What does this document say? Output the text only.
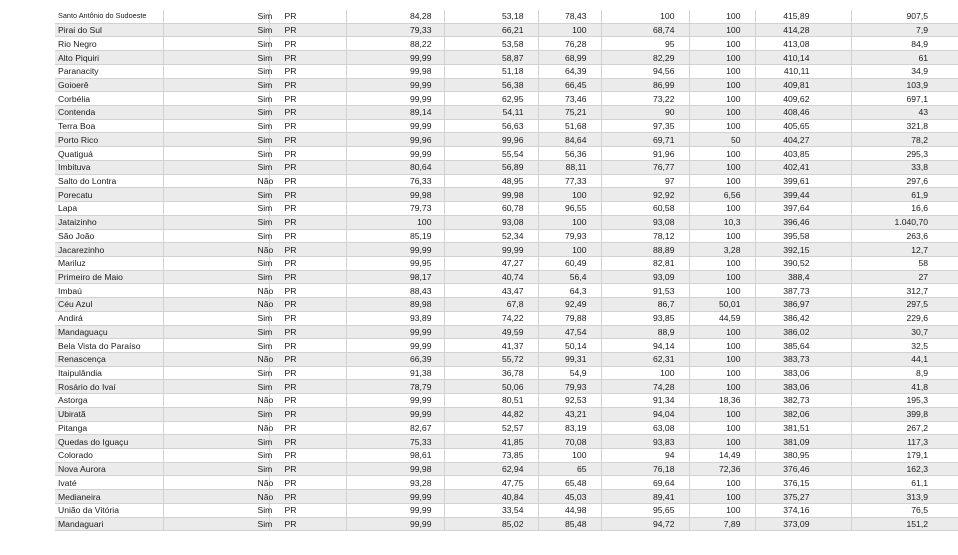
Santo Antônio do Sudoeste	Sim	PR	84,28	53,18	78,43	100	100	415,89	907,5
Pirai do Sul	Sim	PR	79,33	66,21	100	68,74	100	414,28	7,9
Rio Negro	Sim	PR	88,22	53,58	76,28	95	100	413,08	84,9
Alto Piquiri	Sim	PR	99,99	58,87	68,99	82,29	100	410,14	61
Paranacity	Sim	PR	99,98	51,18	64,39	94,56	100	410,11	34,9
Goioerê	Sim	PR	99,99	56,38	66,45	86,99	100	409,81	103,9
Corbélia	Sim	PR	99,99	62,95	73,46	73,22	100	409,62	697,1
Contenda	Sim	PR	89,14	54,11	75,21	90	100	408,46	43
Terra Boa	Sim	PR	99,99	56,63	51,68	97,35	100	405,65	321,8
Porto Rico	Sim	PR	99,96	99,96	84,64	69,71	50	404,27	78,2
Quatiguá	Sim	PR	99,99	55,54	56,36	91,96	100	403,85	295,3
Imbituva	Sim	PR	80,64	56,89	88,11	76,77	100	402,41	33,8
Salto do Lontra	Não	PR	76,33	48,95	77,33	97	100	399,61	297,6
Porecatu	Sim	PR	99,98	99,98	100	92,92	6,56	399,44	61,9
Lapa	Sim	PR	79,73	60,78	96,55	60,58	100	397,64	16,6
Jataizinho	Sim	PR	100	93,08	100	93,08	10,3	396,46	1.040,70
São João	Sim	PR	85,19	52,34	79,93	78,12	100	395,58	263,6
Jacarezinho	Não	PR	99,99	99,99	100	88,89	3,28	392,15	12,7
Mariluz	Sim	PR	99,95	47,27	60,49	82,81	100	390,52	58
Primeiro de Maio	Sim	PR	98,17	40,74	56,4	93,09	100	388,4	27
Imbaú	Não	PR	88,43	43,47	64,3	91,53	100	387,73	312,7
Céu Azul	Não	PR	89,98	67,8	92,49	86,7	50,01	386,97	297,5
Andirá	Sim	PR	93,89	74,22	79,88	93,85	44,59	386,42	229,6
Mandaguaçu	Sim	PR	99,99	49,59	47,54	88,9	100	386,02	30,7
Bela Vista do Paraíso	Sim	PR	99,99	41,37	50,14	94,14	100	385,64	32,5
Renascença	Não	PR	66,39	55,72	99,31	62,31	100	383,73	44,1
Itaipulândia	Sim	PR	91,38	36,78	54,9	100	100	383,06	8,9
Rosário do Ivaí	Sim	PR	78,79	50,06	79,93	74,28	100	383,06	41,8
Astorga	Não	PR	99,99	80,51	92,53	91,34	18,36	382,73	195,3
Ubiratã	Sim	PR	99,99	44,82	43,21	94,04	100	382,06	399,8
Pitanga	Não	PR	82,67	52,57	83,19	63,08	100	381,51	267,2
Quedas do Iguaçu	Sim	PR	75,33	41,85	70,08	93,83	100	381,09	117,3
Colorado	Sim	PR	98,61	73,85	100	94	14,49	380,95	179,1
Nova Aurora	Sim	PR	99,98	62,94	65	76,18	72,36	376,46	162,3
Ivaté	Não	PR	93,28	47,75	65,48	69,64	100	376,15	61,1
Medianeira	Não	PR	99,99	40,84	45,03	89,41	100	375,27	313,9
União da Vitória	Sim	PR	99,99	33,54	44,98	95,65	100	374,16	76,5
Mandaguari	Sim	PR	99,99	85,02	85,48	94,72	7,89	373,09	151,2
